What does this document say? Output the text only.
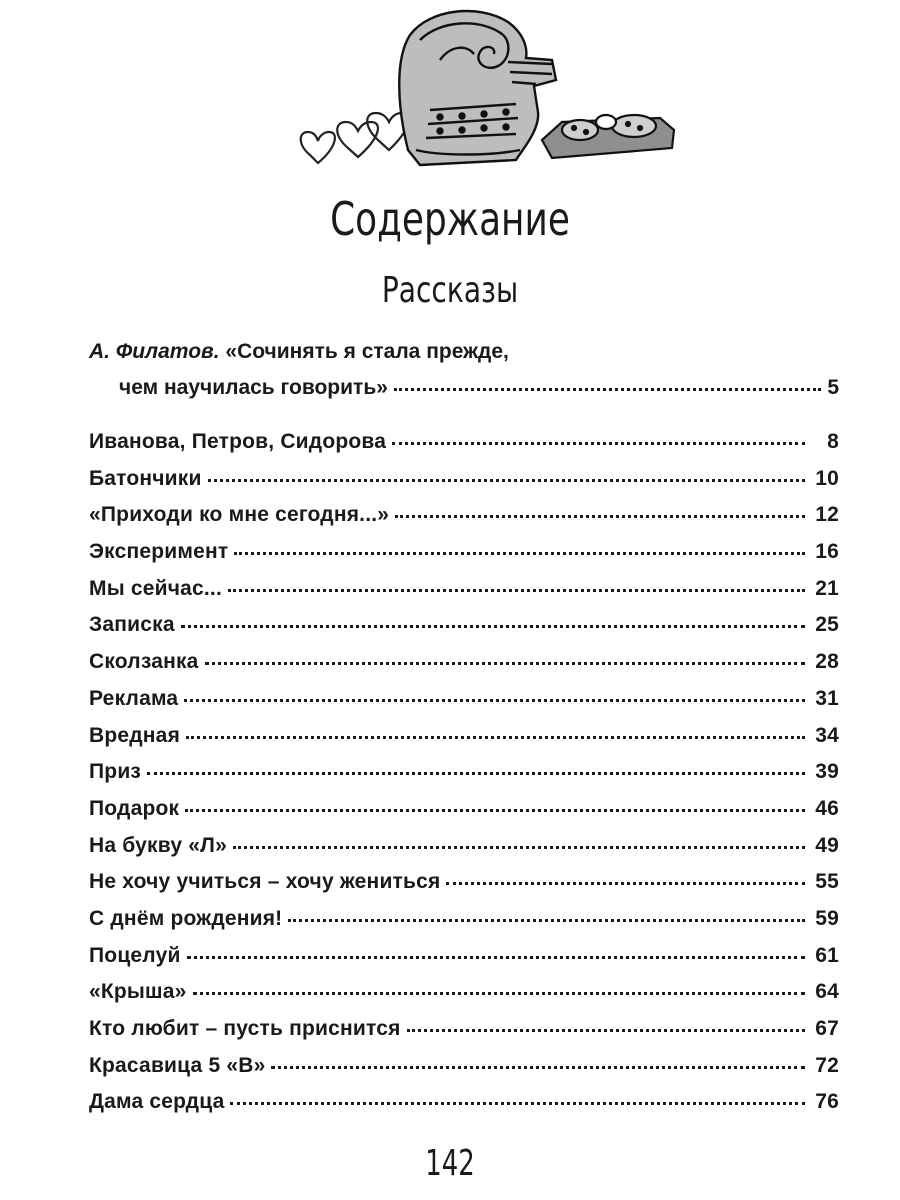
Содержание
Рассказы
А. Филатов. «Сочинять я стала прежде,
чем научилась говорить»	5
Иванова, Петров, Сидорова	8
Батончики	10
«Приходи ко мне сегодня...»	12
Эксперимент	16
Мы сейчас...	21
Записка	25
Сколзанка	28
Реклама	31
Вредная	34
Приз	39
Подарок	46
На букву «Л»	49
Не хочу учиться – хочу жениться	55
С днём рождения!	59
Поцелуй	61
«Крыша»	64
Кто любит – пусть приснится	67
Красавица 5 «В»	72
Дама сердца	76
142
